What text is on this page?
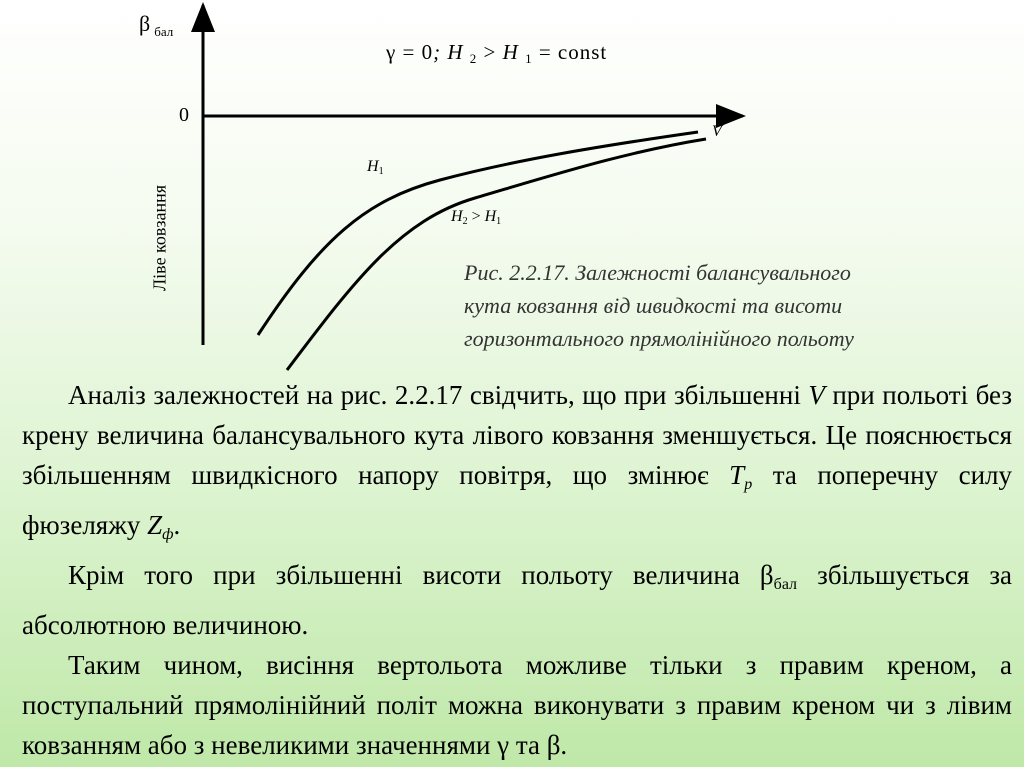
β $_{бал}$
γ = 0; H $_2$ > H $_1$ = const
0
V
$H_1$
$H_2 > H_1$
Ліве ковзання	Рис. 2.2.17. Залежності балансувального
кута ковзання від швидкості та висоти
горизонтального прямолінійного польоту

Аналіз залежностей на рис. 2.2.17 свідчить, що при збільшенні V при польоті без крену величина балансувального кута лівого ковзання зменшується. Це пояснюється збільшенням швидкісного напору повітря, що змінює $T_р$ та поперечну силу фюзеляжу $Z_ф$.

Крім того при збільшенні висоти польоту величина $\beta_{бал}$ збільшується за абсолютною величиною.

Таким чином, висіння вертольота можливе тільки з правим креном, а поступальний прямолінійний політ можна виконувати з правим креном чи з лівим ковзанням або з невеликими значеннями γ та β.
